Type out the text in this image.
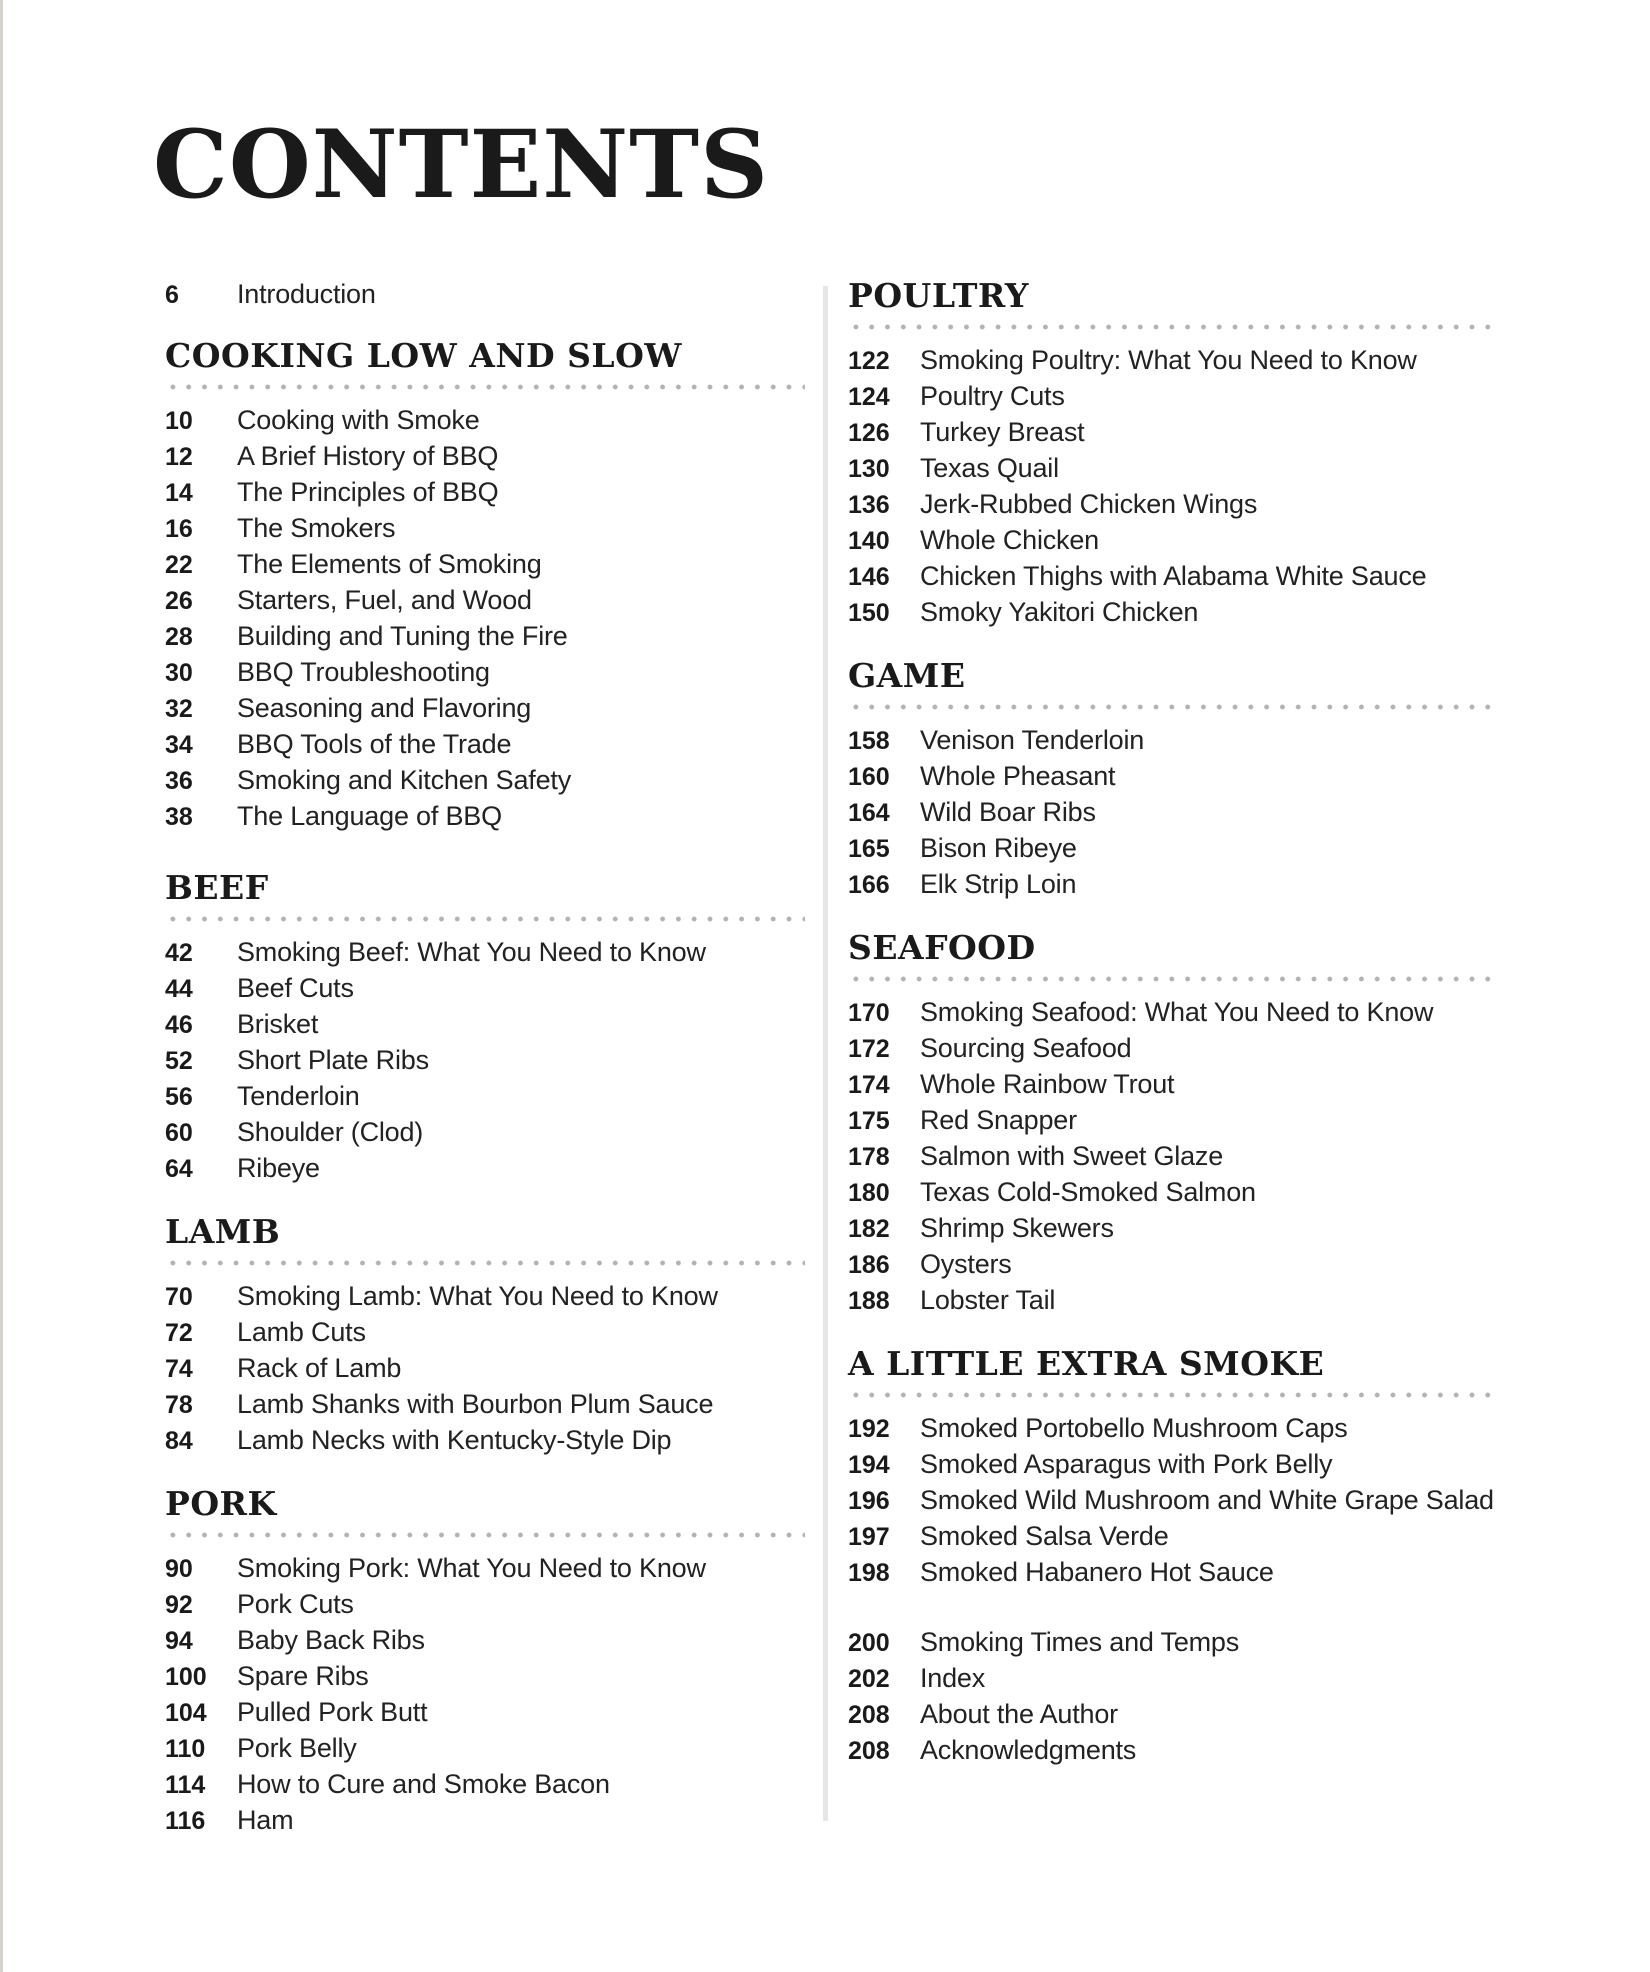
CONTENTS
6	Introduction
COOKING LOW AND SLOW
10	Cooking with Smoke
12	A Brief History of BBQ
14	The Principles of BBQ
16	The Smokers
22	The Elements of Smoking
26	Starters, Fuel, and Wood
28	Building and Tuning the Fire
30	BBQ Troubleshooting
32	Seasoning and Flavoring
34	BBQ Tools of the Trade
36	Smoking and Kitchen Safety
38	The Language of BBQ
BEEF
42	Smoking Beef: What You Need to Know
44	Beef Cuts
46	Brisket
52	Short Plate Ribs
56	Tenderloin
60	Shoulder (Clod)
64	Ribeye
LAMB
70	Smoking Lamb: What You Need to Know
72	Lamb Cuts
74	Rack of Lamb
78	Lamb Shanks with Bourbon Plum Sauce
84	Lamb Necks with Kentucky-Style Dip
PORK
90	Smoking Pork: What You Need to Know
92	Pork Cuts
94	Baby Back Ribs
100	Spare Ribs
104	Pulled Pork Butt
110	Pork Belly
114	How to Cure and Smoke Bacon
116	Ham
POULTRY
122	Smoking Poultry: What You Need to Know
124	Poultry Cuts
126	Turkey Breast
130	Texas Quail
136	Jerk-Rubbed Chicken Wings
140	Whole Chicken
146	Chicken Thighs with Alabama White Sauce
150	Smoky Yakitori Chicken
GAME
158	Venison Tenderloin
160	Whole Pheasant
164	Wild Boar Ribs
165	Bison Ribeye
166	Elk Strip Loin
SEAFOOD
170	Smoking Seafood: What You Need to Know
172	Sourcing Seafood
174	Whole Rainbow Trout
175	Red Snapper
178	Salmon with Sweet Glaze
180	Texas Cold-Smoked Salmon
182	Shrimp Skewers
186	Oysters
188	Lobster Tail
A LITTLE EXTRA SMOKE
192	Smoked Portobello Mushroom Caps
194	Smoked Asparagus with Pork Belly
196	Smoked Wild Mushroom and White Grape Salad
197	Smoked Salsa Verde
198	Smoked Habanero Hot Sauce
200	Smoking Times and Temps
202	Index
208	About the Author
208	Acknowledgments
